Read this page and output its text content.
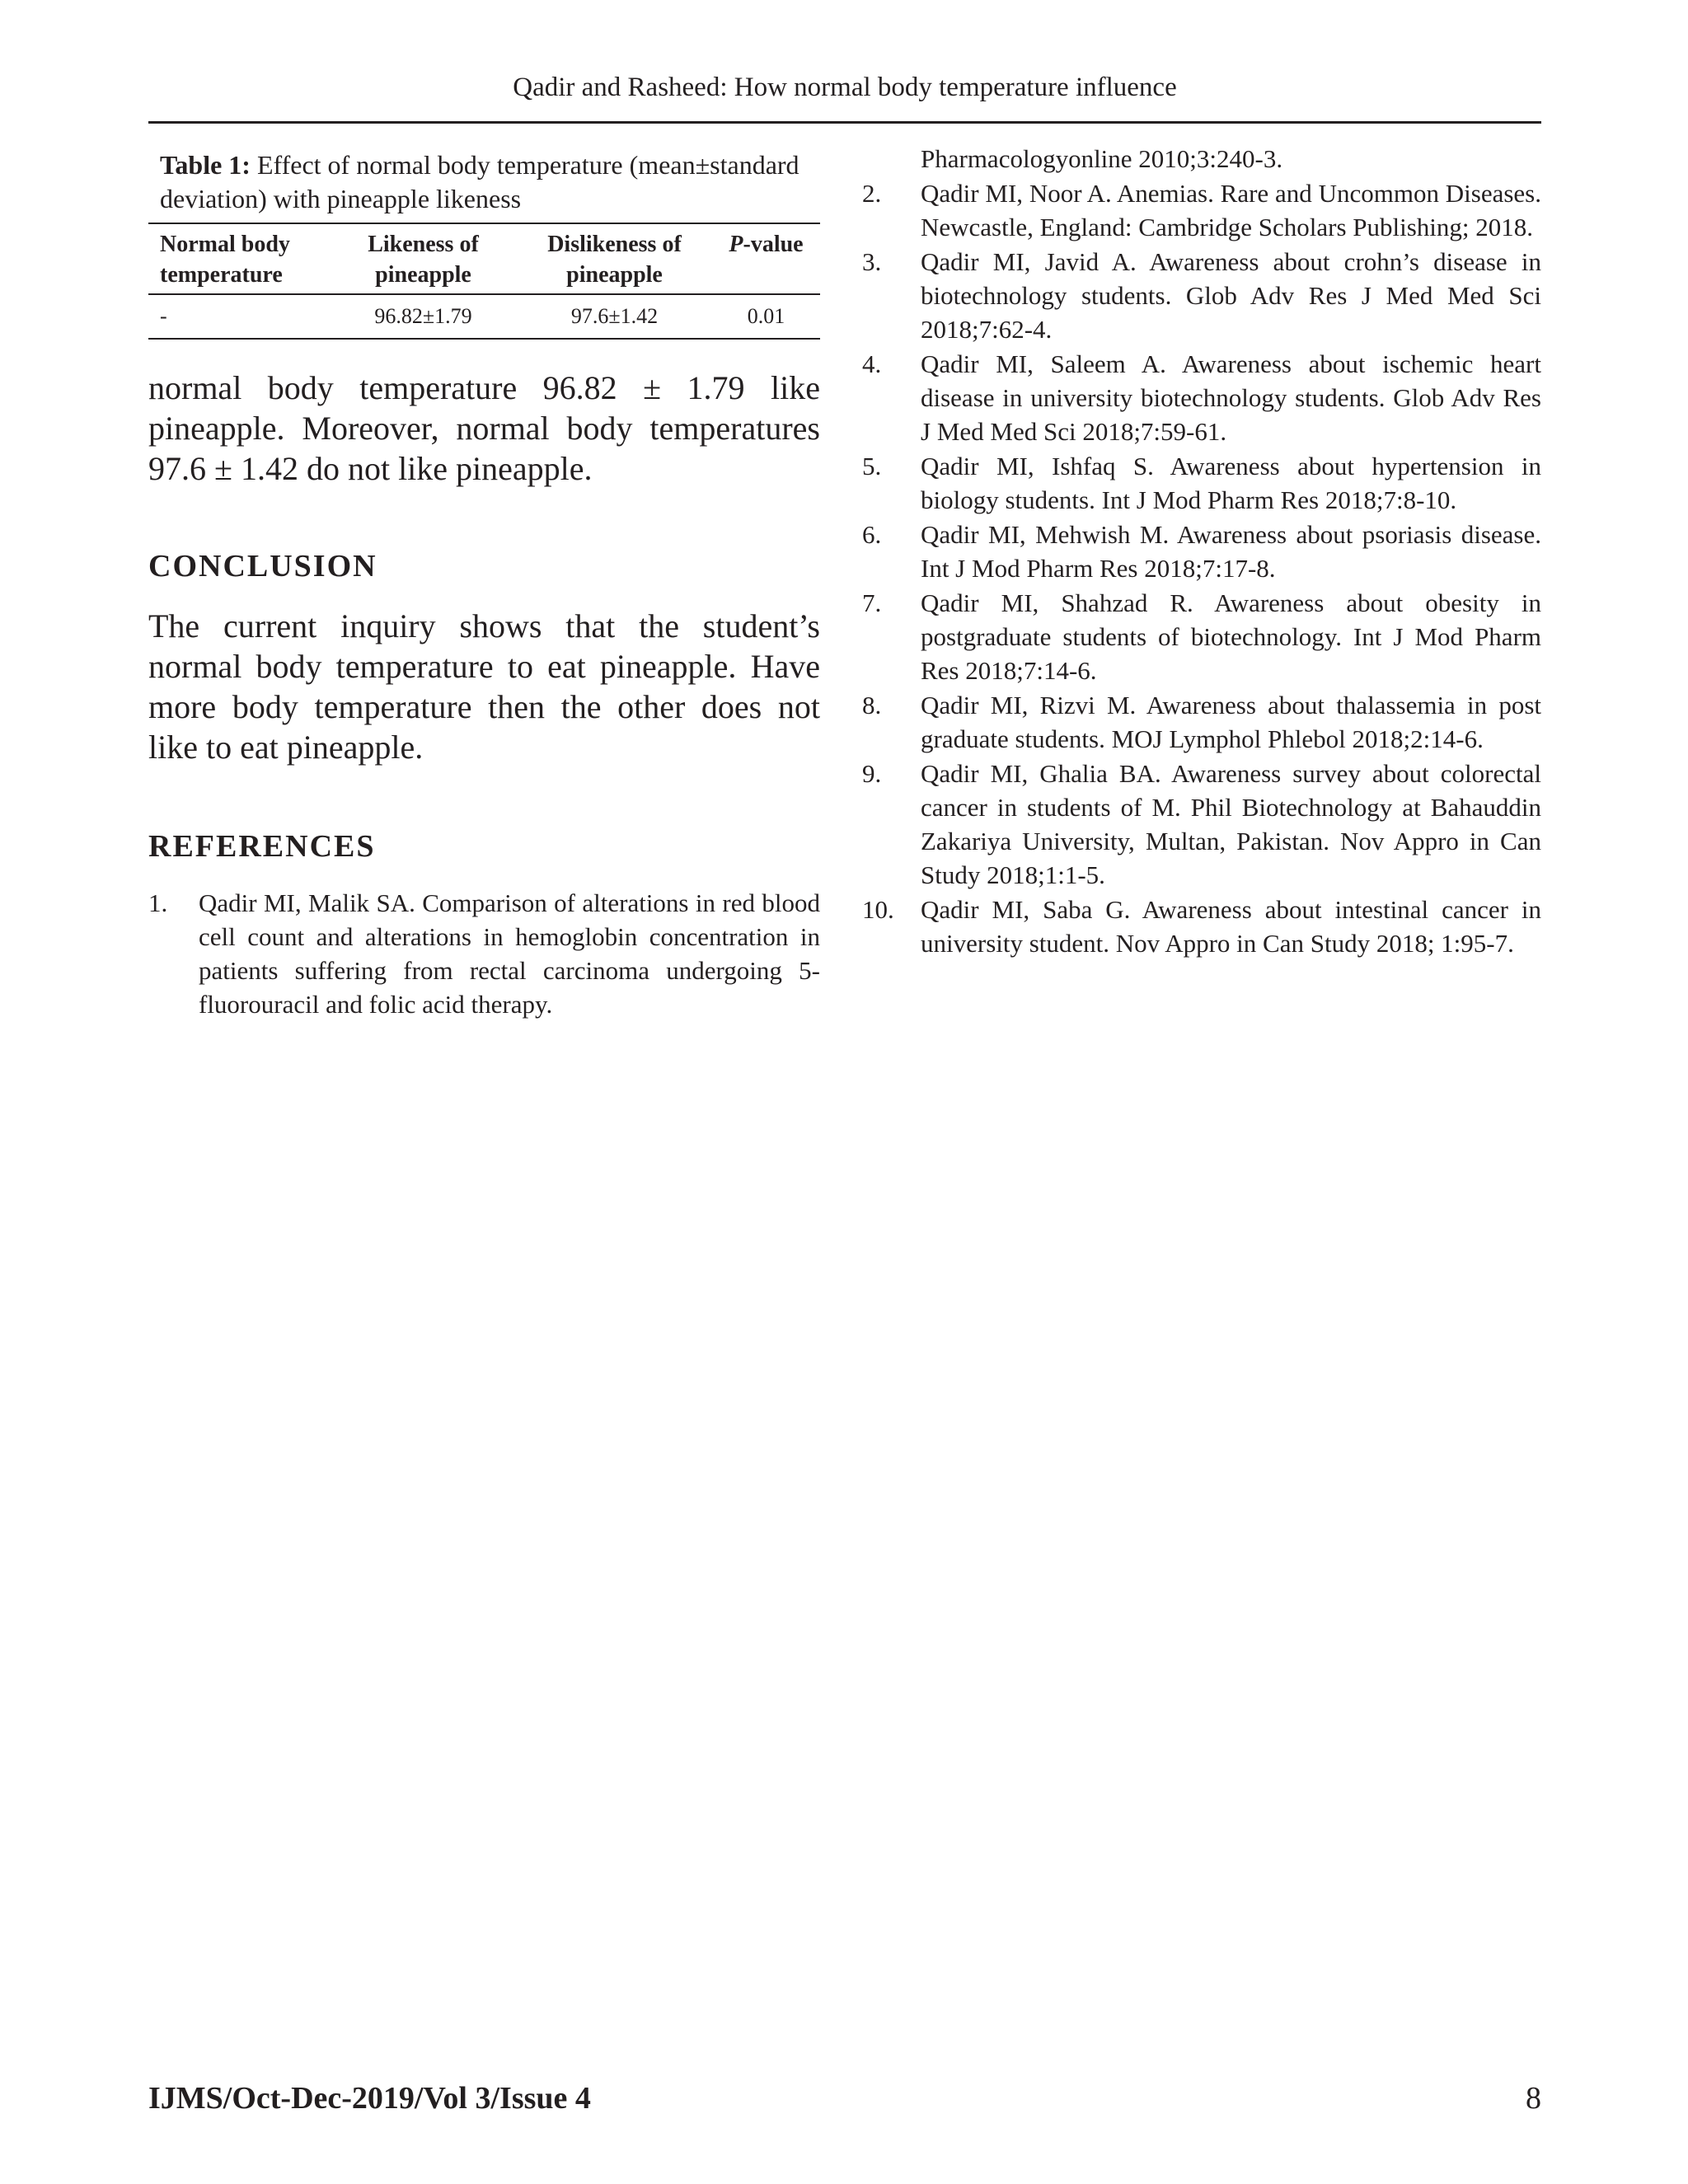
Qadir and Rasheed: How normal body temperature influence
Table 1: Effect of normal body temperature (mean±standard deviation) with pineapple likeness
Normal body temperature	Likeness of pineapple	Dislikeness of pineapple	P-value
-	96.82±1.79	97.6±1.42	0.01

normal body temperature 96.82 ± 1.79 like pineapple. Moreover, normal body temperatures 97.6 ± 1.42 do not like pineapple.

CONCLUSION

The current inquiry shows that the student’s normal body temperature to eat pineapple. Have more body temperature then the other does not like to eat pineapple.

REFERENCES
1. Qadir MI, Malik SA. Comparison of alterations in red blood cell count and alterations in hemoglobin concentration in patients suffering from rectal carcinoma undergoing 5-fluorouracil and folic acid therapy.

Pharmacologyonline 2010;3:240-3.

2. Qadir MI, Noor A. Anemias. Rare and Uncommon Diseases. Newcastle, England: Cambridge Scholars Publishing; 2018.
3. Qadir MI, Javid A. Awareness about crohn’s disease in biotechnology students. Glob Adv Res J Med Med Sci 2018;7:62-4.
4. Qadir MI, Saleem A. Awareness about ischemic heart disease in university biotechnology students. Glob Adv Res J Med Med Sci 2018;7:59-61.
5. Qadir MI, Ishfaq S. Awareness about hypertension in biology students. Int J Mod Pharm Res 2018;7:8-10.
6. Qadir MI, Mehwish M. Awareness about psoriasis disease. Int J Mod Pharm Res 2018;7:17-8.
7. Qadir MI, Shahzad R. Awareness about obesity in postgraduate students of biotechnology. Int J Mod Pharm Res 2018;7:14-6.
8. Qadir MI, Rizvi M. Awareness about thalassemia in post graduate students. MOJ Lymphol Phlebol 2018;2:14-6.
9. Qadir MI, Ghalia BA. Awareness survey about colorectal cancer in students of M. Phil Biotechnology at Bahauddin Zakariya University, Multan, Pakistan. Nov Appro in Can Study 2018;1:1-5.
10. Qadir MI, Saba G. Awareness about intestinal cancer in university student. Nov Appro in Can Study 2018; 1:95-7.
IJMS/Oct-Dec-2019/Vol 3/Issue 4	8
